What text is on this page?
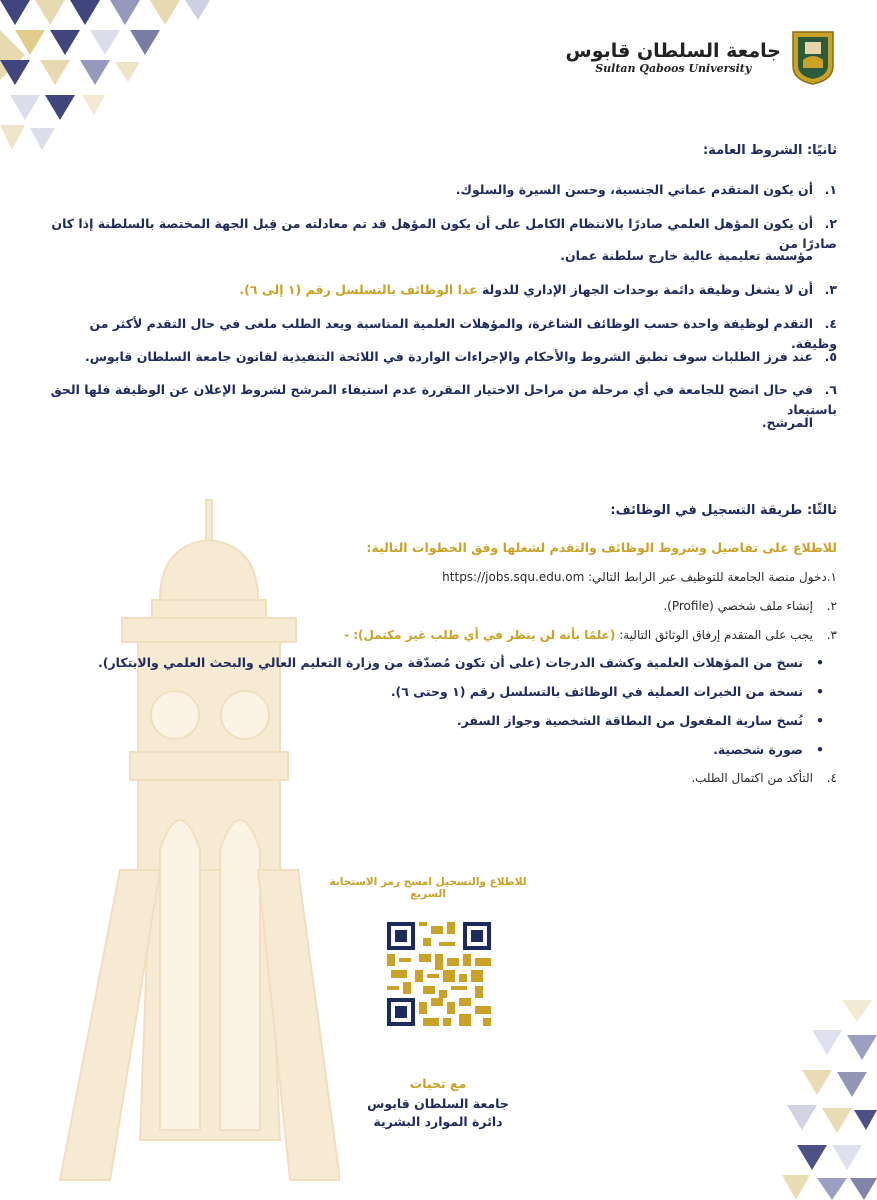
جامعة السلطان قابوس
Sultan Qaboos University
ثانيًا: الشروط العامة:
١.أن يكون المتقدم عماني الجنسية، وحسن السيرة والسلوك.
٢.أن يكون المؤهل العلمي صادرًا بالانتظام الكامل على أن يكون المؤهل قد تم معادلته من قِبل الجهة المختصة بالسلطنة إذا كان صادرًا من
مؤسسة تعليمية عالية خارج سلطنة عمان.
٣.أن لا يشغل وظيفة دائمة بوحدات الجهاز الإداري للدولة عدا الوظائف بالتسلسل رقم (١ إلى ٦).
٤.التقدم لوظيفة واحدة حسب الوظائف الشاغرة، والمؤهلات العلمية المناسبة ويعد الطلب ملغى في حال التقدم لأكثر من وظيفة.
٥.عند فرز الطلبات سوف تطبق الشروط والأحكام والإجراءات الواردة في اللائحة التنفيذية لقانون جامعة السلطان قابوس.
٦.في حال اتضح للجامعة في أي مرحلة من مراحل الاختيار المقررة عدم استيفاء المرشح لشروط الإعلان عن الوظيفة فلها الحق باستبعاد
المرشح.
ثالثًا: طريقة التسجيل في الوظائف:
للاطلاع على تفاصيل وشروط الوظائف والتقدم لشغلها وفق الخطوات التالية:
١.دخول منصة الجامعة للتوظيف عبر الرابط التالي: https://jobs.squ.edu.om
٢.إنشاء ملف شخصي (Profile).
٣.يجب على المتقدم إرفاق الوثائق التالية: (علمًا بأنه لن ينظر في أي طلب غير مكتمل): -
•نسخ من المؤهلات العلمية وكشف الدرجات (على أن تكون مُصدّقة من وزارة التعليم العالي والبحث العلمي والابتكار).
•نسخة من الخبرات العملية في الوظائف بالتسلسل رقم (١ وحتى ٦).
•نُسخ سارية المفعول من البطاقة الشخصية وجواز السفر.
•صورة شخصية.
٤.التأكد من اكتمال الطلب.
للاطلاع والتسجيل امسح رمز الاستجابة السريع
مع تحيات
جامعة السلطان قابوس
دائرة الموارد البشرية
